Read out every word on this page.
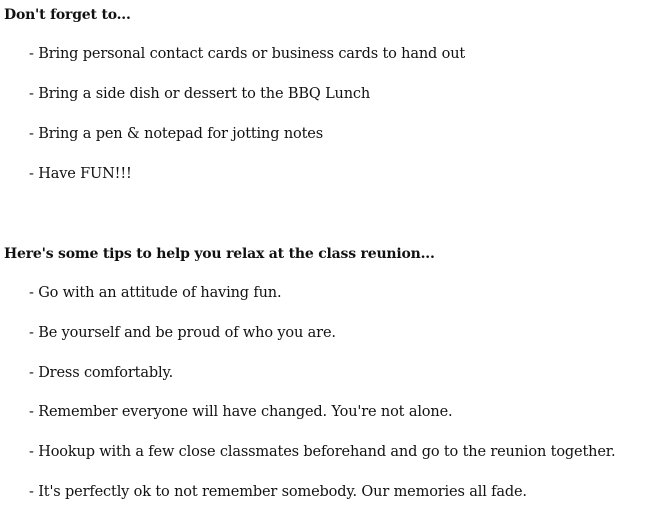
Don't forget to...

- Bring personal contact cards or business cards to hand out

- Bring a side dish or dessert to the BBQ Lunch

- Bring a pen & notepad for jotting notes

- Have FUN!!!

Here's some tips to help you relax at the class reunion...

- Go with an attitude of having fun.

- Be yourself and be proud of who you are.

- Dress comfortably.

- Remember everyone will have changed. You're not alone.

- Hookup with a few close classmates beforehand and go to the reunion together.

- It's perfectly ok to not remember somebody. Our memories all fade.
